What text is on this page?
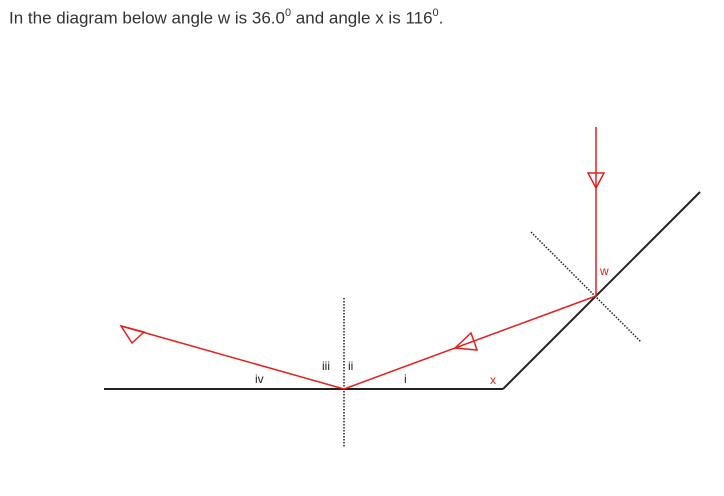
In the diagram below angle w is 36.0$^0$ and angle x is $116^0$.
iii ii
i
iv
w
x
